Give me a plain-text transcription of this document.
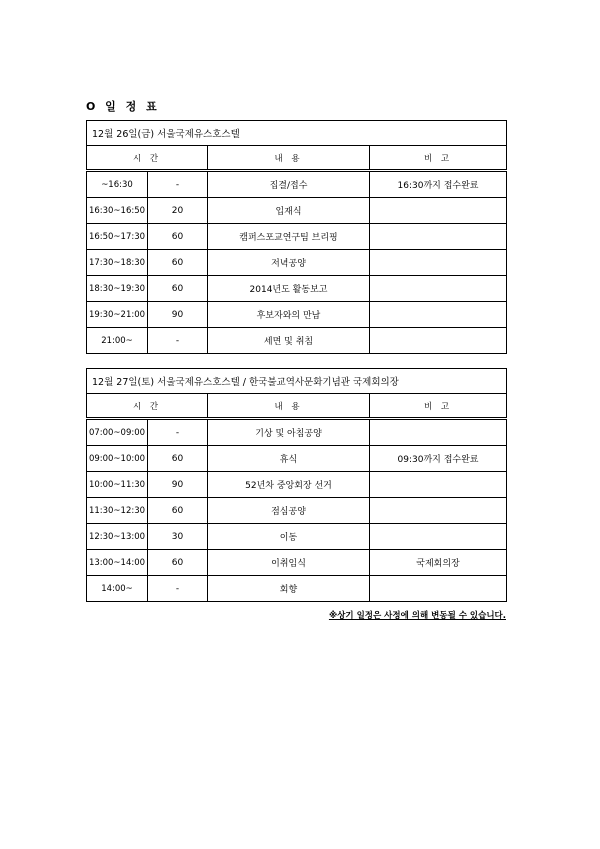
O 일 정 표
12월 26일(금) 서울국제유스호스텔			
시 간		내 용	비 고
~16:30	-	집결/접수	16:30까지 접수완료
16:30~16:50	20	입재식	
16:50~17:30	60	캠퍼스포교연구팀 브리핑	
17:30~18:30	60	저녁공양	
18:30~19:30	60	2014년도 활동보고	
19:30~21:00	90	후보자와의 만남	
21:00~	-	세면 및 취침	
12월 27일(토) 서울국제유스호스텔 / 한국불교역사문화기념관 국제회의장			
시 간		내 용	비 고
07:00~09:00	-	기상 및 아침공양	
09:00~10:00	60	휴식	09:30까지 접수완료
10:00~11:30	90	52년차 중앙회장 선거	
11:30~12:30	60	점심공양	
12:30~13:00	30	이동	
13:00~14:00	60	이취임식	국제회의장
14:00~	-	회향	
※상기 일정은 사정에 의해 변동될 수 있습니다.
